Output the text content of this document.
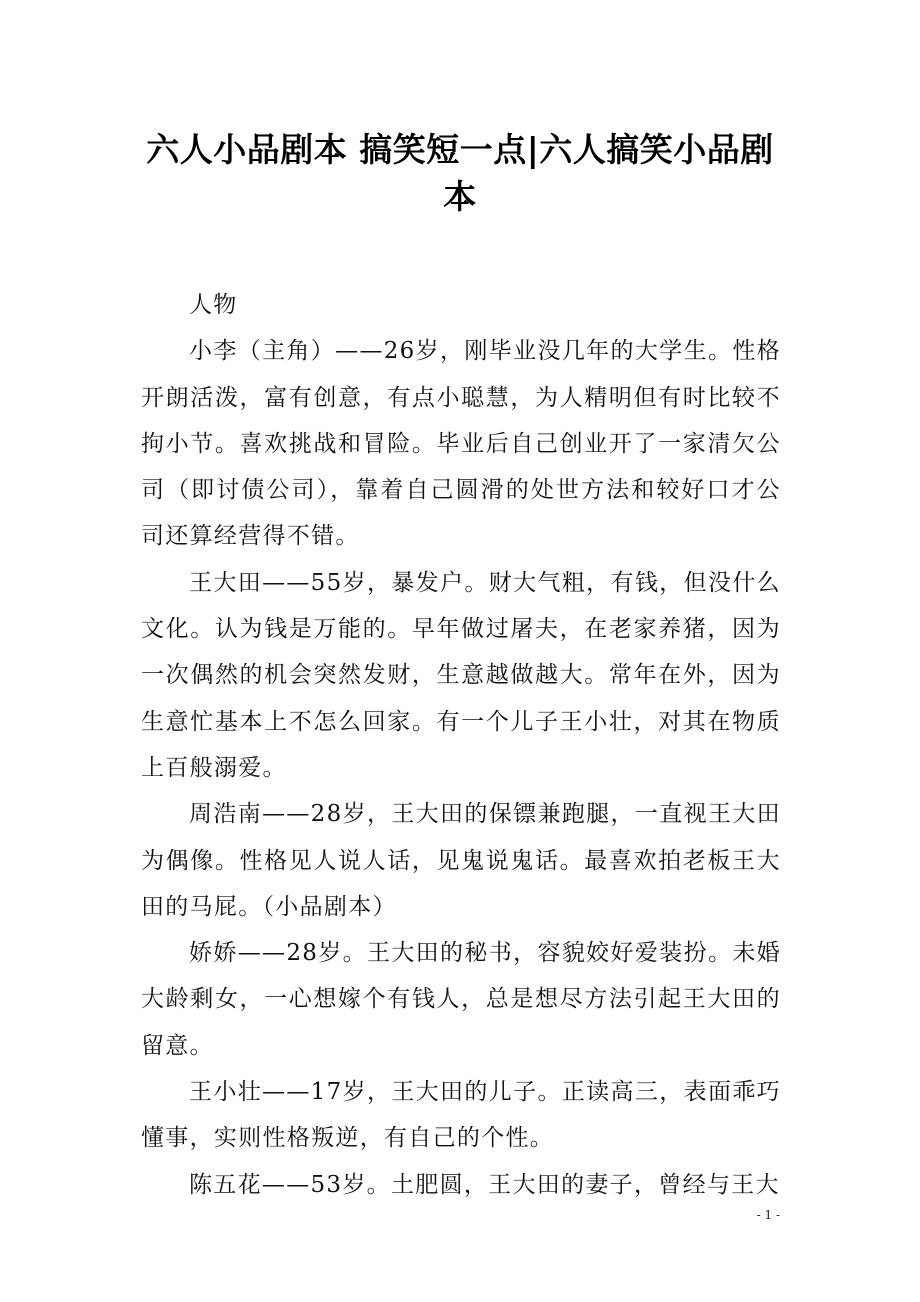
六人小品剧本 搞笑短一点|六人搞笑小品剧本

人物

小李（主角）——26岁，刚毕业没几年的大学生。性格开朗活泼，富有创意，有点小聪慧，为人精明但有时比较不拘小节。喜欢挑战和冒险。毕业后自己创业开了一家清欠公司（即讨债公司），靠着自己圆滑的处世方法和较好口才公司还算经营得不错。

王大田——55岁，暴发户。财大气粗，有钱，但没什么文化。认为钱是万能的。早年做过屠夫，在老家养猪，因为一次偶然的机会突然发财，生意越做越大。常年在外，因为生意忙基本上不怎么回家。有一个儿子王小壮，对其在物质上百般溺爱。

周浩南——28岁，王大田的保镖兼跑腿，一直视王大田为偶像。性格见人说人话，见鬼说鬼话。最喜欢拍老板王大田的马屁。（小品剧本）

娇娇——28岁。王大田的秘书，容貌姣好爱装扮。未婚大龄剩女，一心想嫁个有钱人，总是想尽方法引起王大田的留意。

王小壮——17岁，王大田的儿子。正读高三，表面乖巧懂事，实则性格叛逆，有自己的个性。

陈五花——53岁。土肥圆，王大田的妻子，曾经与王大

- 1 -
